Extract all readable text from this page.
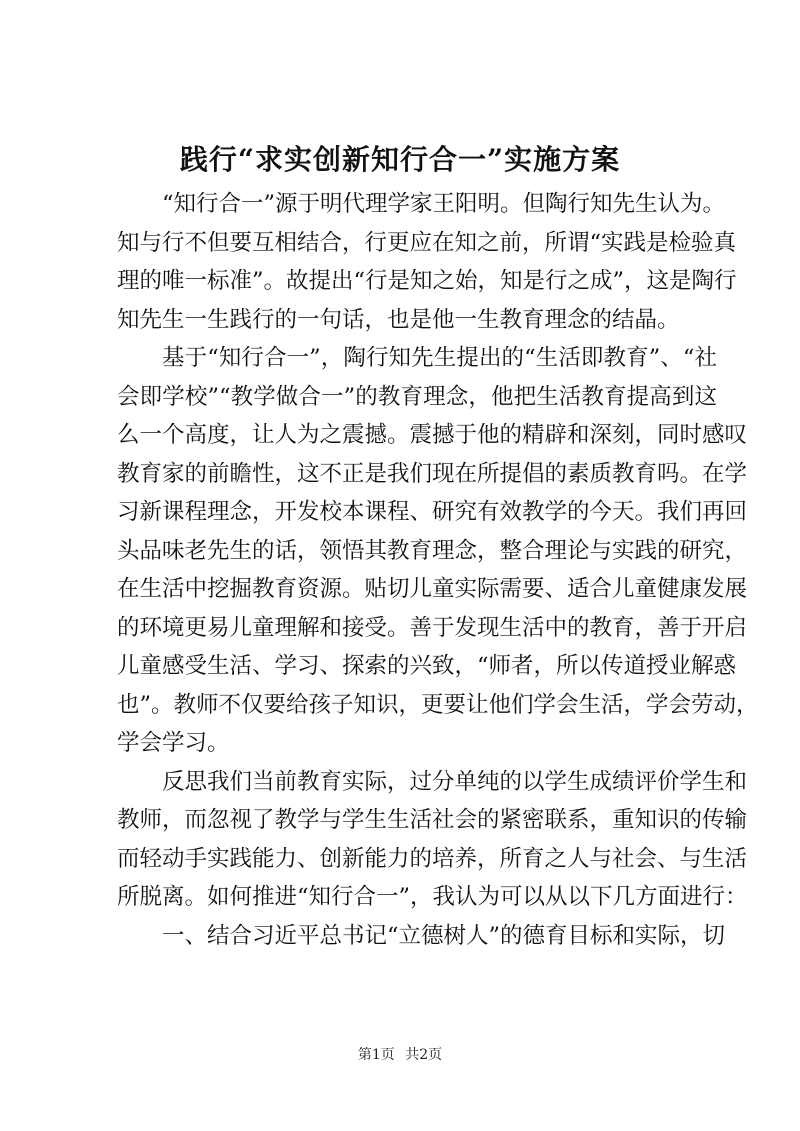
践行“求实创新知行合一”实施方案
“知行合一”源于明代理学家王阳明。但陶行知先生认为。
知与行不但要互相结合，行更应在知之前，所谓“实践是检验真
理的唯一标准”。故提出“行是知之始，知是行之成”，这是陶行
知先生一生践行的一句话，也是他一生教育理念的结晶。
基于“知行合一”，陶行知先生提出的“生活即教育”、“社
会即学校”“教学做合一”的教育理念，他把生活教育提高到这
么一个高度，让人为之震撼。震撼于他的精辟和深刻，同时感叹
教育家的前瞻性，这不正是我们现在所提倡的素质教育吗。在学
习新课程理念，开发校本课程、研究有效教学的今天。我们再回
头品味老先生的话，领悟其教育理念，整合理论与实践的研究，
在生活中挖掘教育资源。贴切儿童实际需要、适合儿童健康发展
的环境更易儿童理解和接受。善于发现生活中的教育，善于开启
儿童感受生活、学习、探索的兴致，“师者，所以传道授业解惑
也”。教师不仅要给孩子知识，更要让他们学会生活，学会劳动，
学会学习。
反思我们当前教育实际，过分单纯的以学生成绩评价学生和
教师，而忽视了教学与学生生活社会的紧密联系，重知识的传输
而轻动手实践能力、创新能力的培养，所育之人与社会、与生活
所脱离。如何推进“知行合一”，我认为可以从以下几方面进行：
一、结合习近平总书记“立德树人”的德育目标和实际，切
第1页 共2页
